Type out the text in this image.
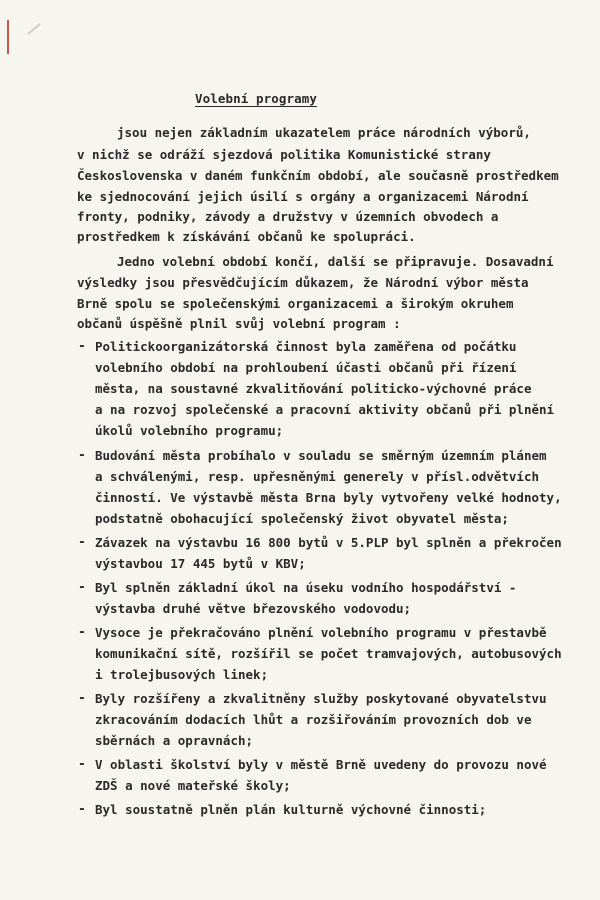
Volební programy
jsou nejen základním ukazatelem práce národních výborů,
v nichž se odráží sjezdová politika Komunistické strany
Československa v daném funkčním období, ale současně prostředkem
ke sjednocování jejich úsilí s orgány a organizacemi Národní
fronty, podniky, závody a družstvy v územních obvodech a
prostředkem k získávání občanů ke spolupráci.
Jedno volební období končí, další se připravuje. Dosavadní
výsledky jsou přesvědčujícím důkazem, že Národní výbor města
Brně spolu se společenskými organizacemi a širokým okruhem
občanů úspěšně plnil svůj volební program :
- Politickoorganizátorská činnost byla zaměřena od počátku
volebního období na prohloubení účasti občanů při řízení
města, na soustavné zkvalitňování politicko-výchovné práce
a na rozvoj společenské a pracovní aktivity občanů při plnění
úkolů volebního programu;
- Budování města probíhalo v souladu se směrným územním plánem
a schválenými, resp. upřesněnými generely v přísl.odvětvích
činností. Ve výstavbě města Brna byly vytvořeny velké hodnoty,
podstatně obohacující společenský život obyvatel města;
- Závazek na výstavbu 16 800 bytů v 5.PLP byl splněn a překročen
výstavbou 17 445 bytů v KBV;
- Byl splněn základní úkol na úseku vodního hospodářství -
výstavba druhé větve březovského vodovodu;
- Vysoce je překračováno plnění volebního programu v přestavbě
komunikační sítě, rozšířil se počet tramvajových, autobusových
i trolejbusových linek;
- Byly rozšířeny a zkvalitněny služby poskytované obyvatelstvu
zkracováním dodacích lhůt a rozšiřováním provozních dob ve
sběrnách a opravnách;
- V oblasti školství byly v městě Brně uvedeny do provozu nové
ZDŠ a nové mateřské školy;
- Byl soustatně plněn plán kulturně výchovné činnosti;
